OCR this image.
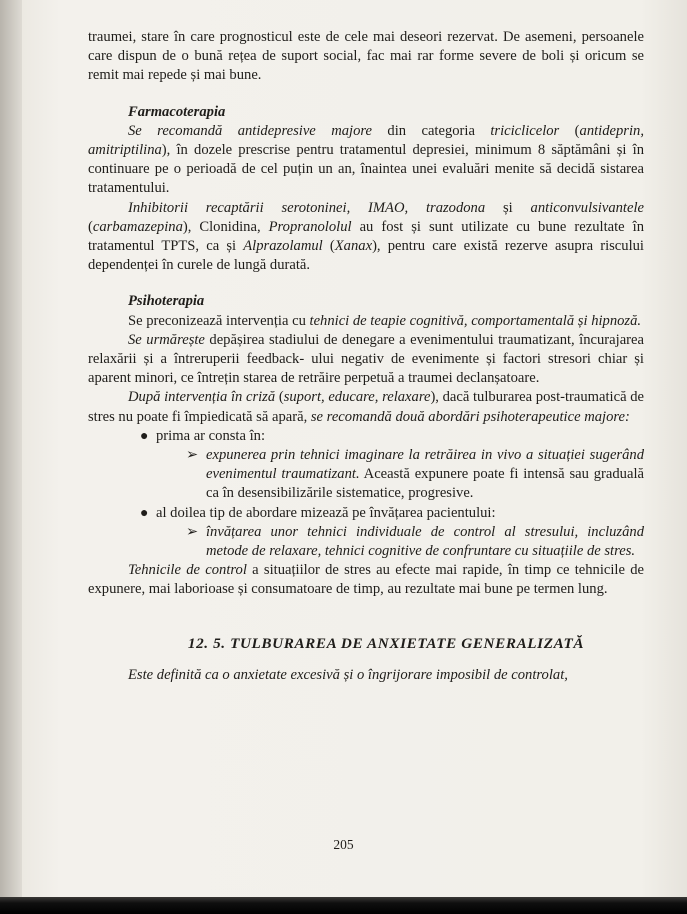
traumei, stare în care prognosticul este de cele mai deseori rezervat. De asemeni, persoanele care dispun de o bună rețea de suport social, fac mai rar forme severe de boli și oricum se remit mai repede și mai bune.

Farmacoterapia

Se recomandă antidepresive majore din categoria triciclicelor (antideprin, amitriptilina), în dozele prescrise pentru tratamentul depresiei, minimum 8 săptămâni și în continuare pe o perioadă de cel puțin un an, înaintea unei evaluări menite să decidă sistarea tratamentului.

Inhibitorii recaptării serotoninei, IMAO, trazodona și anticonvulsivantele (carbamazepina), Clonidina, Propranololul au fost și sunt utilizate cu bune rezultate în tratamentul TPTS, ca și Alprazolamul (Xanax), pentru care există rezerve asupra riscului dependenței în curele de lungă durată.

Psihoterapia

Se preconizează intervenția cu tehnici de teapie cognitivă, comportamentală și hipnoză.

Se urmărește depășirea stadiului de denegare a evenimentului traumatizant, încurajarea relaxării și a întreruperii feedback- ului negativ de evenimente și factori stresori chiar și aparent minori, ce întrețin starea de retrăire perpetuă a traumei declanșatoare.

După intervenția în criză (suport, educare, relaxare), dacă tulburarea post-traumatică de stres nu poate fi împiedicată să apară, se recomandă două abordări psihoterapeutice majore:

● prima ar consta în:
➢ expunerea prin tehnici imaginare la retrăirea in vivo a situației sugerând evenimentul traumatizant. Această expunere poate fi intensă sau graduală ca în desensibilizările sistematice, progresive.
● al doilea tip de abordare mizează pe învățarea pacientului:
➢ învățarea unor tehnici individuale de control al stresului, incluzând metode de relaxare, tehnici cognitive de confruntare cu situațiile de stres.

Tehnicile de control a situațiilor de stres au efecte mai rapide, în timp ce tehnicile de expunere, mai laborioase și consumatoare de timp, au rezultate mai bune pe termen lung.

12. 5. TULBURAREA DE ANXIETATE GENERALIZATĂ

Este definită ca o anxietate excesivă și o îngrijorare imposibil de controlat,

205
